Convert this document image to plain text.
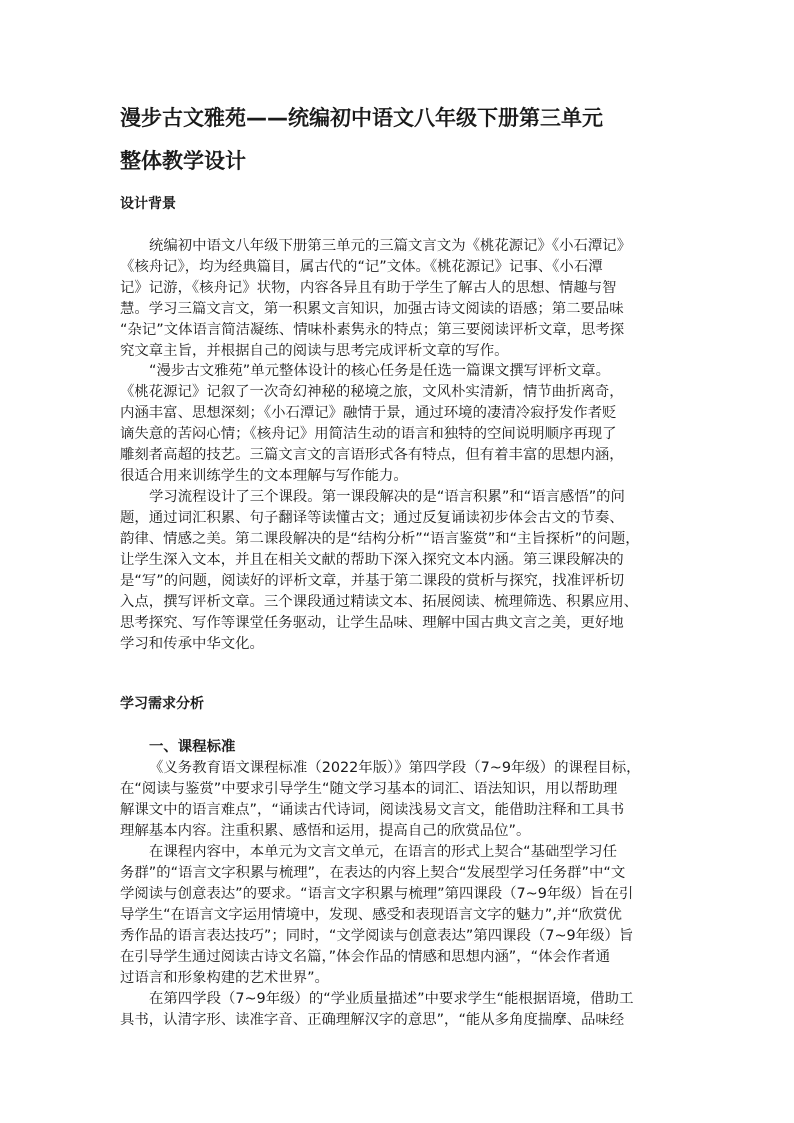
漫步古文雅苑——统编初中语文八年级下册第三单元
整体教学设计
设计背景
统编初中语文八年级下册第三单元的三篇文言文为《桃花源记》《小石潭记》
《核舟记》，均为经典篇目，属古代的“记”文体。《桃花源记》记事、《小石潭
记》记游，《核舟记》状物，内容各异且有助于学生了解古人的思想、情趣与智
慧。学习三篇文言文，第一积累文言知识，加强古诗文阅读的语感；第二要品味
“杂记”文体语言简洁凝练、情味朴素隽永的特点；第三要阅读评析文章，思考探
究文章主旨，并根据自己的阅读与思考完成评析文章的写作。
“漫步古文雅苑”单元整体设计的核心任务是任选一篇课文撰写评析文章。
《桃花源记》记叙了一次奇幻神秘的秘境之旅，文风朴实清新，情节曲折离奇，
内涵丰富、思想深刻；《小石潭记》融情于景，通过环境的凄清冷寂抒发作者贬
谪失意的苦闷心情；《核舟记》用简洁生动的语言和独特的空间说明顺序再现了
雕刻者高超的技艺。三篇文言文的言语形式各有特点，但有着丰富的思想内涵，
很适合用来训练学生的文本理解与写作能力。
学习流程设计了三个课段。第一课段解决的是“语言积累”和“语言感悟”的问
题，通过词汇积累、句子翻译等读懂古文；通过反复诵读初步体会古文的节奏、
韵律、情感之美。第二课段解决的是“结构分析”“语言鉴赏”和“主旨探析”的问题，
让学生深入文本，并且在相关文献的帮助下深入探究文本内涵。第三课段解决的
是“写”的问题，阅读好的评析文章，并基于第二课段的赏析与探究，找准评析切
入点，撰写评析文章。三个课段通过精读文本、拓展阅读、梳理筛选、积累应用、
思考探究、写作等课堂任务驱动，让学生品味、理解中国古典文言之美，更好地
学习和传承中华文化。
学习需求分析
一、课程标准
《义务教育语文课程标准（2022年版）》第四学段（7~9年级）的课程目标，
在“阅读与鉴赏”中要求引导学生“随文学习基本的词汇、语法知识，用以帮助理
解课文中的语言难点”，“诵读古代诗词，阅读浅易文言文，能借助注释和工具书
理解基本内容。注重积累、感悟和运用，提高自己的欣赏品位”。
在课程内容中，本单元为文言文单元，在语言的形式上契合“基础型学习任
务群”的“语言文字积累与梳理”，在表达的内容上契合“发展型学习任务群”中“文
学阅读与创意表达”的要求。“语言文字积累与梳理”第四课段（7~9年级）旨在引
导学生“在语言文字运用情境中，发现、感受和表现语言文字的魅力”,并“欣赏优
秀作品的语言表达技巧”；同时，“文学阅读与创意表达”第四课段（7~9年级）旨
在引导学生通过阅读古诗文名篇，”体会作品的情感和思想内涵”，“体会作者通
过语言和形象构建的艺术世界”。
在第四学段（7~9年级）的“学业质量描述”中要求学生“能根据语境，借助工
具书，认清字形、读准字音、正确理解汉字的意思”，“能从多角度揣摩、品味经
